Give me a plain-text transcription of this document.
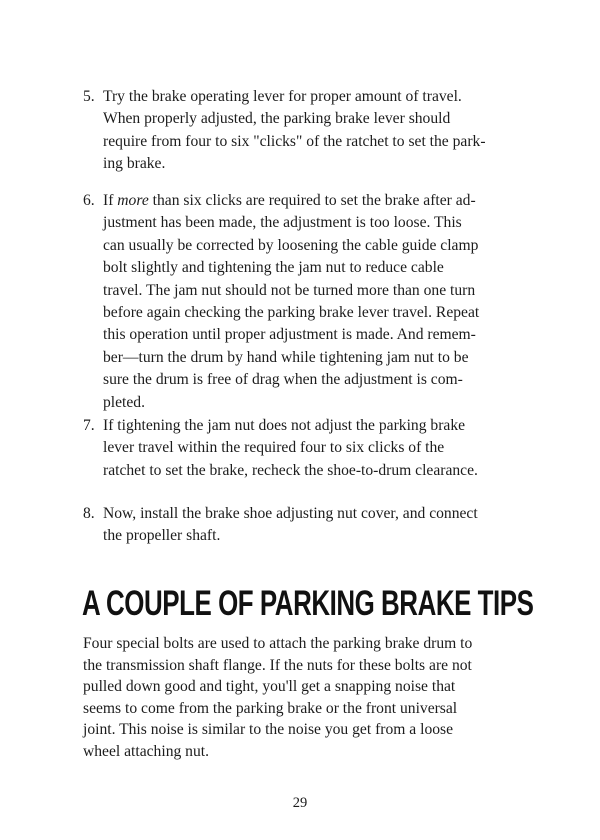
5. Try the brake operating lever for proper amount of travel.
When properly adjusted, the parking brake lever should
require from four to six "clicks" of the ratchet to set the park-
ing brake.
6. If more than six clicks are required to set the brake after ad-
justment has been made, the adjustment is too loose. This
can usually be corrected by loosening the cable guide clamp
bolt slightly and tightening the jam nut to reduce cable
travel. The jam nut should not be turned more than one turn
before again checking the parking brake lever travel. Repeat
this operation until proper adjustment is made. And remem-
ber—turn the drum by hand while tightening jam nut to be
sure the drum is free of drag when the adjustment is com-
pleted.
7. If tightening the jam nut does not adjust the parking brake
lever travel within the required four to six clicks of the
ratchet to set the brake, recheck the shoe-to-drum clearance.
8. Now, install the brake shoe adjusting nut cover, and connect
the propeller shaft.
A COUPLE OF PARKING BRAKE TIPS
Four special bolts are used to attach the parking brake drum to
the transmission shaft flange. If the nuts for these bolts are not
pulled down good and tight, you'll get a snapping noise that
seems to come from the parking brake or the front universal
joint. This noise is similar to the noise you get from a loose
wheel attaching nut.
29
